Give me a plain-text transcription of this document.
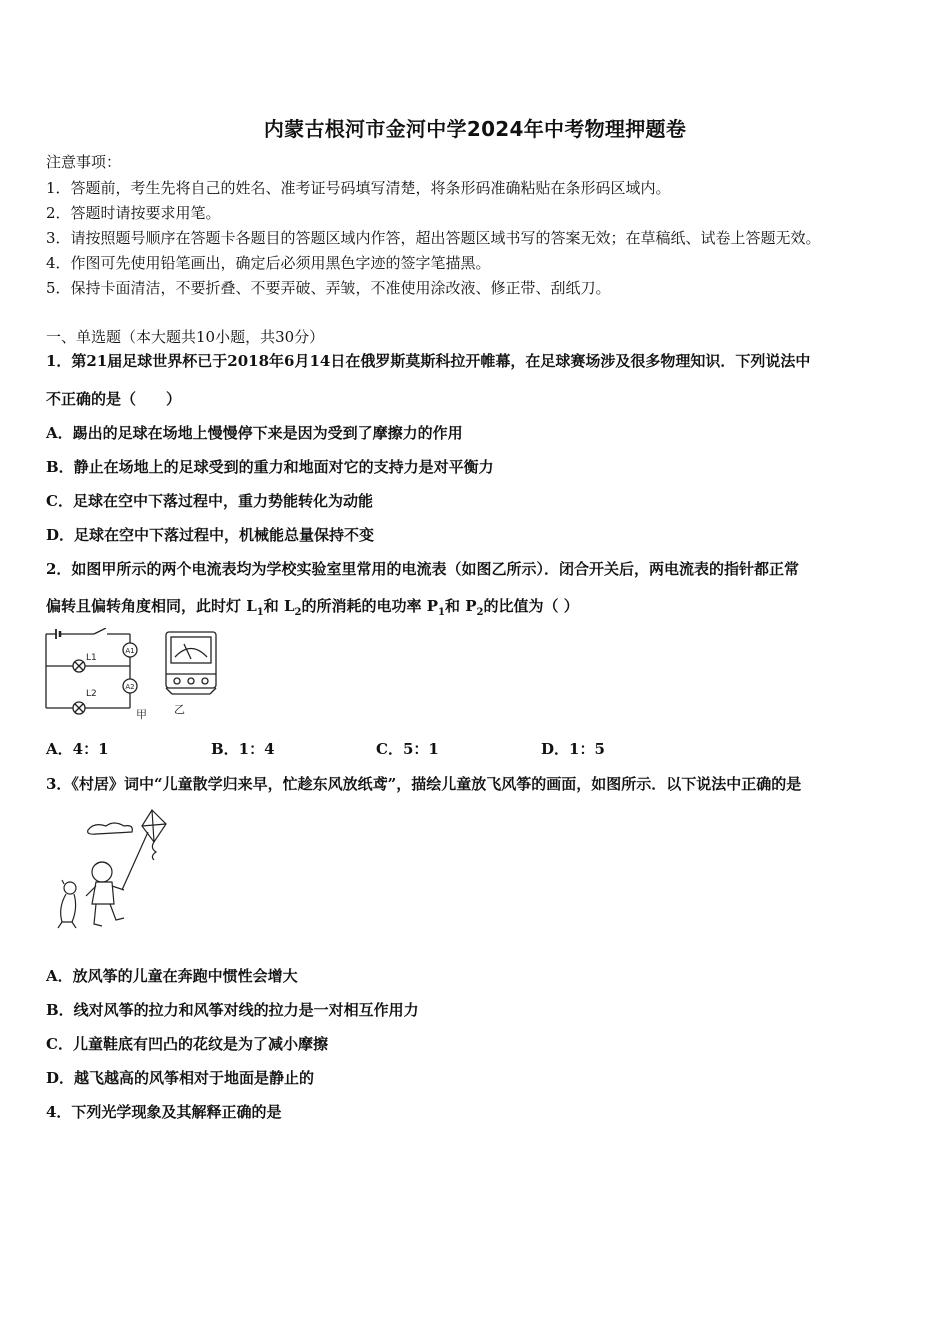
内蒙古根河市金河中学2024年中考物理押题卷
注意事项：
1．答题前，考生先将自己的姓名、准考证号码填写清楚，将条形码准确粘贴在条形码区域内。
2．答题时请按要求用笔。
3．请按照题号顺序在答题卡各题目的答题区域内作答，超出答题区域书写的答案无效；在草稿纸、试卷上答题无效。
4．作图可先使用铅笔画出，确定后必须用黑色字迹的签字笔描黑。
5．保持卡面清洁，不要折叠、不要弄破、弄皱，不准使用涂改液、修正带、刮纸刀。
一、单选题（本大题共10小题，共30分）
1．第21届足球世界杯已于2018年6月14日在俄罗斯莫斯科拉开帷幕，在足球赛场涉及很多物理知识．下列说法中
不正确的是（　　）
A．踢出的足球在场地上慢慢停下来是因为受到了摩擦力的作用
B．静止在场地上的足球受到的重力和地面对它的支持力是对平衡力
C．足球在空中下落过程中，重力势能转化为动能
D．足球在空中下落过程中，机械能总量保持不变
2．如图甲所示的两个电流表均为学校实验室里常用的电流表（如图乙所示）．闭合开关后，两电流表的指针都正常
偏转且偏转角度相同，此时灯 $L_1$和 $L_2$的所消耗的电功率 $P_1$和 $P_2$的比值为（ ）
A1
A2
L1
L2
甲 乙
A．4：1	B．1：4	C．5：1	D．1：5
3．《村居》词中“儿童散学归来早，忙趁东风放纸鸢”，描绘儿童放飞风筝的画面，如图所示．以下说法中正确的是
A．放风筝的儿童在奔跑中惯性会增大
B．线对风筝的拉力和风筝对线的拉力是一对相互作用力
C．儿童鞋底有凹凸的花纹是为了减小摩擦
D．越飞越高的风筝相对于地面是静止的
4．下列光学现象及其解释正确的是
